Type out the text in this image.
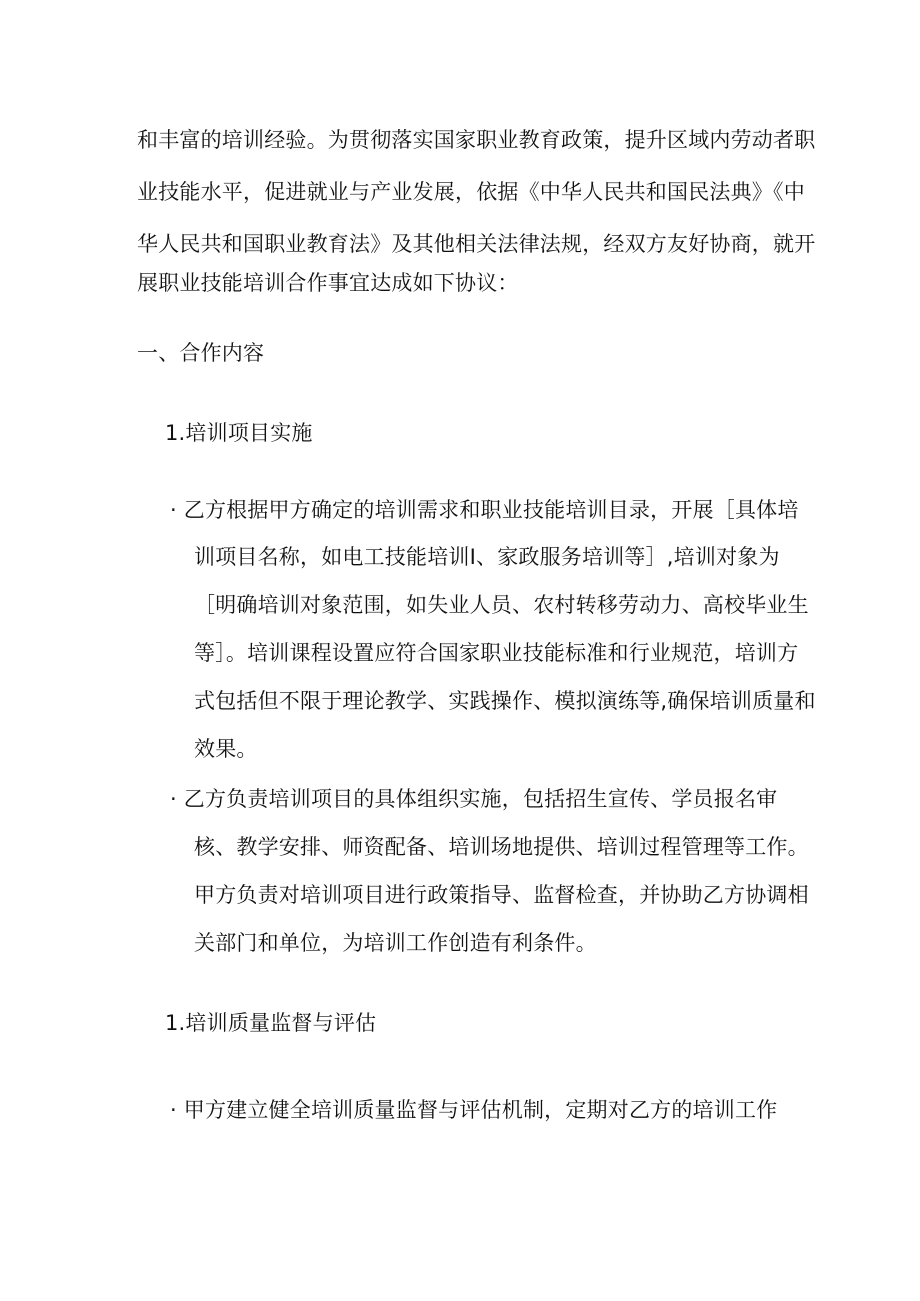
和丰富的培训经验。为贯彻落实国家职业教育政策，提升区域内劳动者职
业技能水平，促进就业与产业发展，依据《中华人民共和国民法典》《中
华人民共和国职业教育法》及其他相关法律法规，经双方友好协商，就开
展职业技能培训合作事宜达成如下协议：
一、合作内容
1.培训项目实施
· 乙方根据甲方确定的培训需求和职业技能培训目录，开展［具体培
训项目名称，如电工技能培训I、家政服务培训等］,培训对象为
［明确培训对象范围，如失业人员、农村转移劳动力、高校毕业生
等］。培训课程设置应符合国家职业技能标准和行业规范，培训方
式包括但不限于理论教学、实践操作、模拟演练等,确保培训质量和
效果。
· 乙方负责培训项目的具体组织实施，包括招生宣传、学员报名审
核、教学安排、师资配备、培训场地提供、培训过程管理等工作。
甲方负责对培训项目进行政策指导、监督检查，并协助乙方协调相
关部门和单位，为培训工作创造有利条件。
1.培训质量监督与评估
· 甲方建立健全培训质量监督与评估机制，定期对乙方的培训工作
